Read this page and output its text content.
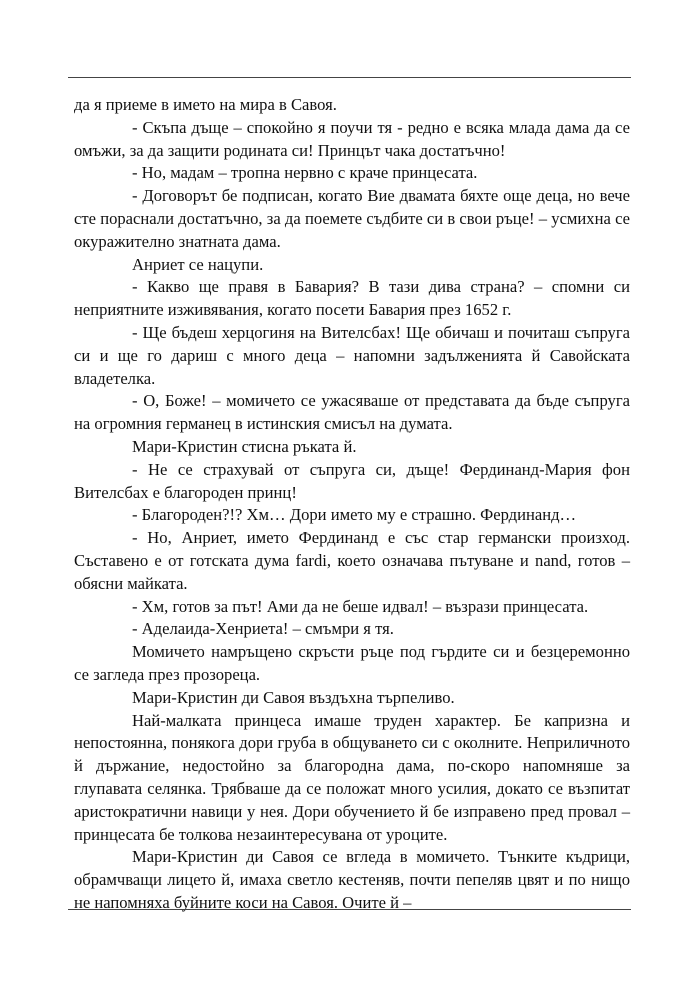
да я приеме в името на мира в Савоя.

- Скъпа дъще – спокойно я поучи тя - редно е всяка млада дама да се омъжи, за да защити родината си! Принцът чака достатъчно!

- Но, мадам – тропна нервно с краче принцесата.

- Договорът бе подписан, когато Вие двамата бяхте още деца, но вече сте пораснали достатъчно, за да поемете съдбите си в свои ръце! – усмихна се окуражително знатната дама.

Анриет се нацупи.

- Какво ще правя в Бавария? В тази дива страна? – спомни си неприятните изживявания, когато посети Бавария през 1652 г.

- Ще бъдеш херцогиня на Вителсбах! Ще обичаш и почиташ съпруга си и ще го дариш с много деца – напомни задълженията й Савойската владетелка.

- О, Боже! – момичето се ужасяваше от представата да бъде съпруга на огромния германец в истинския смисъл на думата.

Мари-Кристин стисна ръката й.

- Не се страхувай от съпруга си, дъще! Фердинанд-Мария фон Вителсбах е благороден принц!

- Благороден?!? Хм… Дори името му е страшно. Фердинанд…

- Но, Анриет, името Фердинанд е със стар германски произход. Съставено е от готската дума fardi, което означава пътуване и nand, готов – обясни майката.

- Хм, готов за път! Ами да не беше идвал! – възрази принцесата.

- Аделаида-Хенриета! – смъмри я тя.

Момичето намръщено скръсти ръце под гърдите си и безцеремонно се загледа през прозореца.

Мари-Кристин ди Савоя въздъхна търпеливо.

Най-малката принцеса имаше труден характер. Бе капризна и непостоянна, понякога дори груба в общуването си с околните. Неприличното й държание, недостойно за благородна дама, по-скоро напомняше за глупавата селянка. Трябваше да се положат много усилия, докато се възпитат аристократични навици у нея. Дори обучението й бе изправено пред провал – принцесата бе толкова незаинтересувана от уроците.

Мари-Кристин ди Савоя се вгледа в момичето. Тънките къдрици, обрамчващи лицето й, имаха светло кестеняв, почти пепеляв цвят и по нищо не напомняха буйните коси на Савоя. Очите й –
